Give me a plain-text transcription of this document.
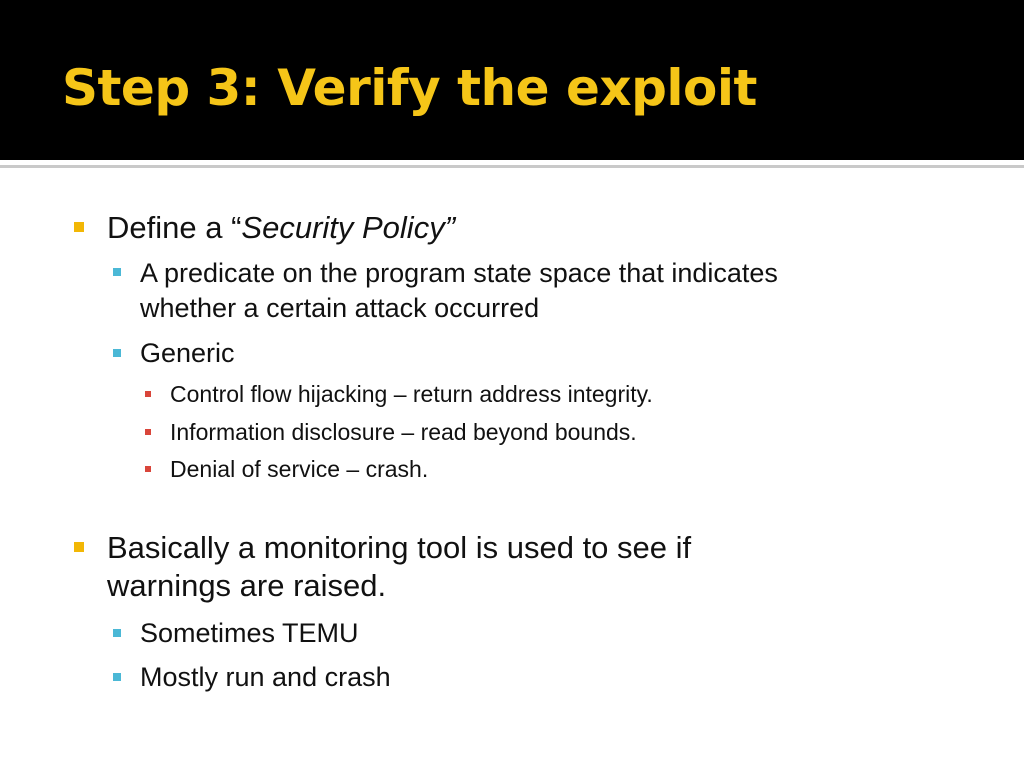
Step 3: Verify the exploit
Define a “Security Policy”
A predicate on the program state space that indicates
whether a certain attack occurred
Generic
Control flow hijacking – return address integrity.
Information disclosure – read beyond bounds.
Denial of service – crash.
Basically a monitoring tool is used to see if
warnings are raised.
Sometimes TEMU
Mostly run and crash
